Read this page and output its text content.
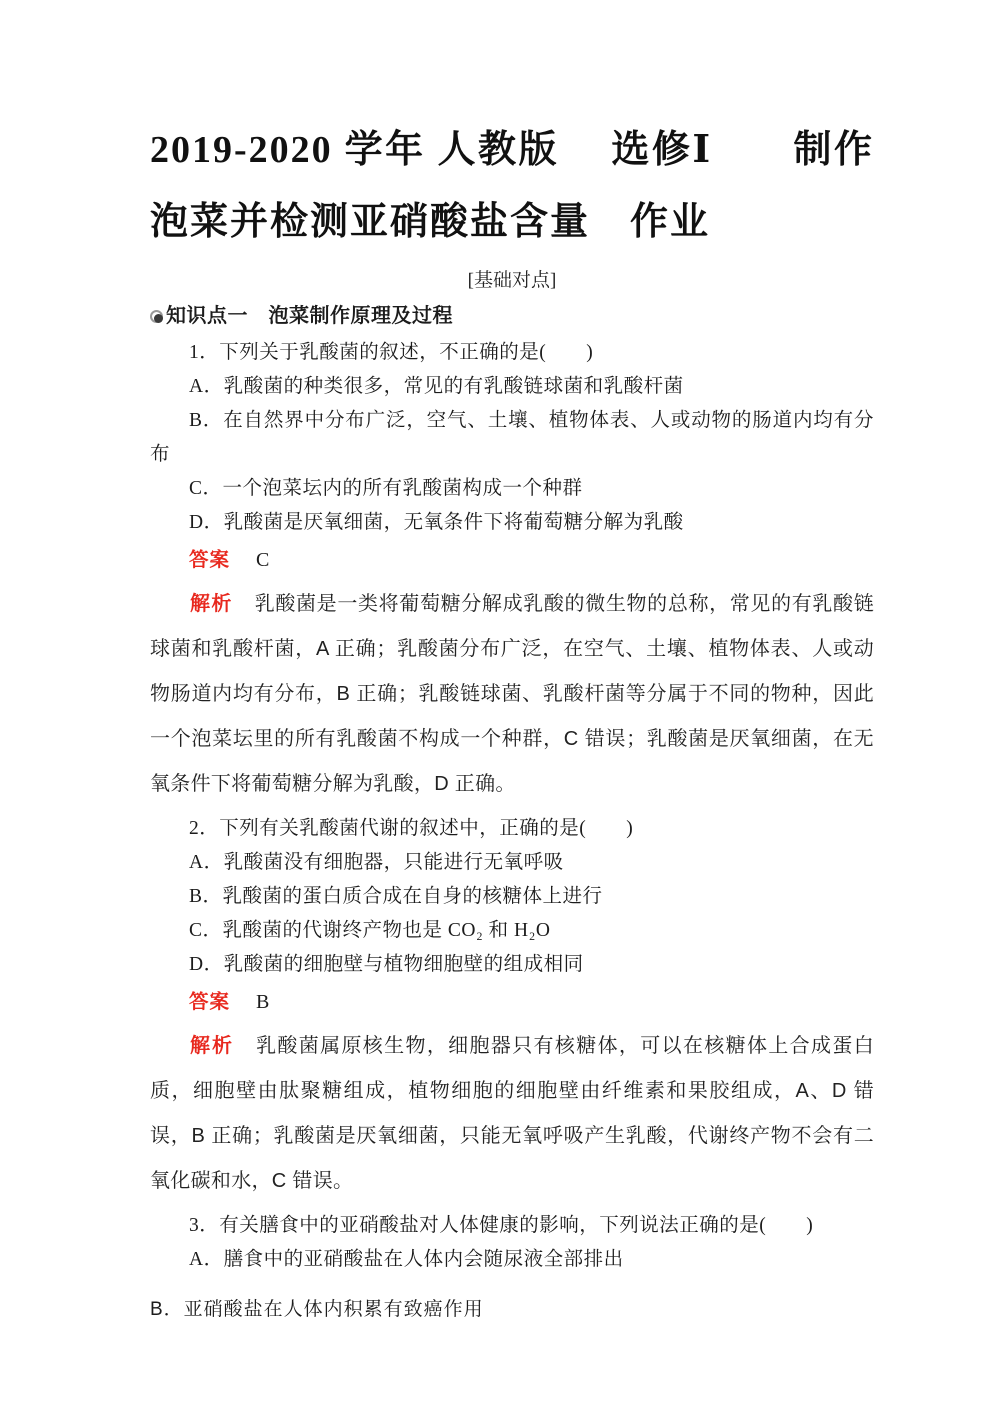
2019-2020 学年 人教版　 选修Ⅰ　　制作泡菜并检测亚硝酸盐含量　作业
[基础对点]
知识点一　泡菜制作原理及过程

1．下列关于乳酸菌的叙述，不正确的是(　　)

A．乳酸菌的种类很多，常见的有乳酸链球菌和乳酸杆菌

B．在自然界中分布广泛，空气、土壤、植物体表、人或动物的肠道内均有分布

C．一个泡菜坛内的所有乳酸菌构成一个种群

D．乳酸菌是厌氧细菌，无氧条件下将葡萄糖分解为乳酸

答案 C

解析 乳酸菌是一类将葡萄糖分解成乳酸的微生物的总称，常见的有乳酸链球菌和乳酸杆菌，A 正确；乳酸菌分布广泛，在空气、土壤、植物体表、人或动物肠道内均有分布，B 正确；乳酸链球菌、乳酸杆菌等分属于不同的物种，因此一个泡菜坛里的所有乳酸菌不构成一个种群，C 错误；乳酸菌是厌氧细菌，在无氧条件下将葡萄糖分解为乳酸，D 正确。

2．下列有关乳酸菌代谢的叙述中，正确的是(　　)

A．乳酸菌没有细胞器，只能进行无氧呼吸

B．乳酸菌的蛋白质合成在自身的核糖体上进行

C．乳酸菌的代谢终产物也是 CO₂ 和 H₂O

D．乳酸菌的细胞壁与植物细胞壁的组成相同

答案 B

解析 乳酸菌属原核生物，细胞器只有核糖体，可以在核糖体上合成蛋白质，细胞壁由肽聚糖组成，植物细胞的细胞壁由纤维素和果胶组成，A、D 错误，B 正确；乳酸菌是厌氧细菌，只能无氧呼吸产生乳酸，代谢终产物不会有二氧化碳和水，C 错误。

3．有关膳食中的亚硝酸盐对人体健康的影响，下列说法正确的是(　　)

A．膳食中的亚硝酸盐在人体内会随尿液全部排出

B．亚硝酸盐在人体内积累有致癌作用
